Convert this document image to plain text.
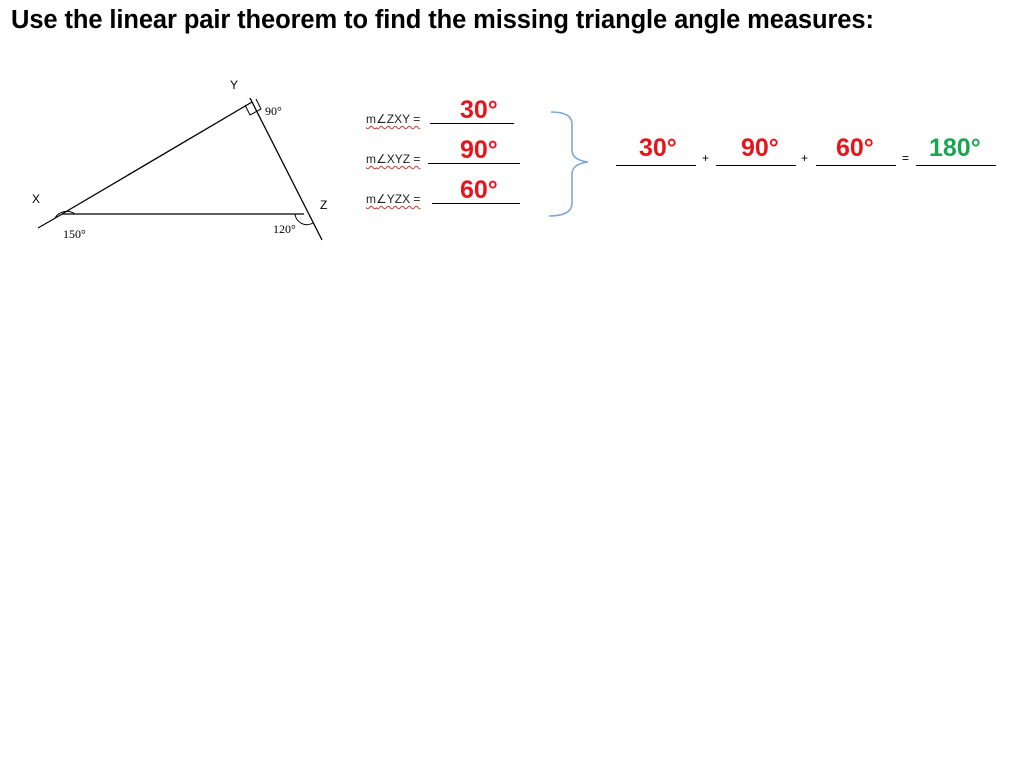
Use the linear pair theorem to find the missing triangle angle measures:
Y
X	Z
90°
150°	120°
m∠ZXY = 30°
m∠XYZ = 90°
m∠YZX = 60°
30° + 90° + 60° = 180°
